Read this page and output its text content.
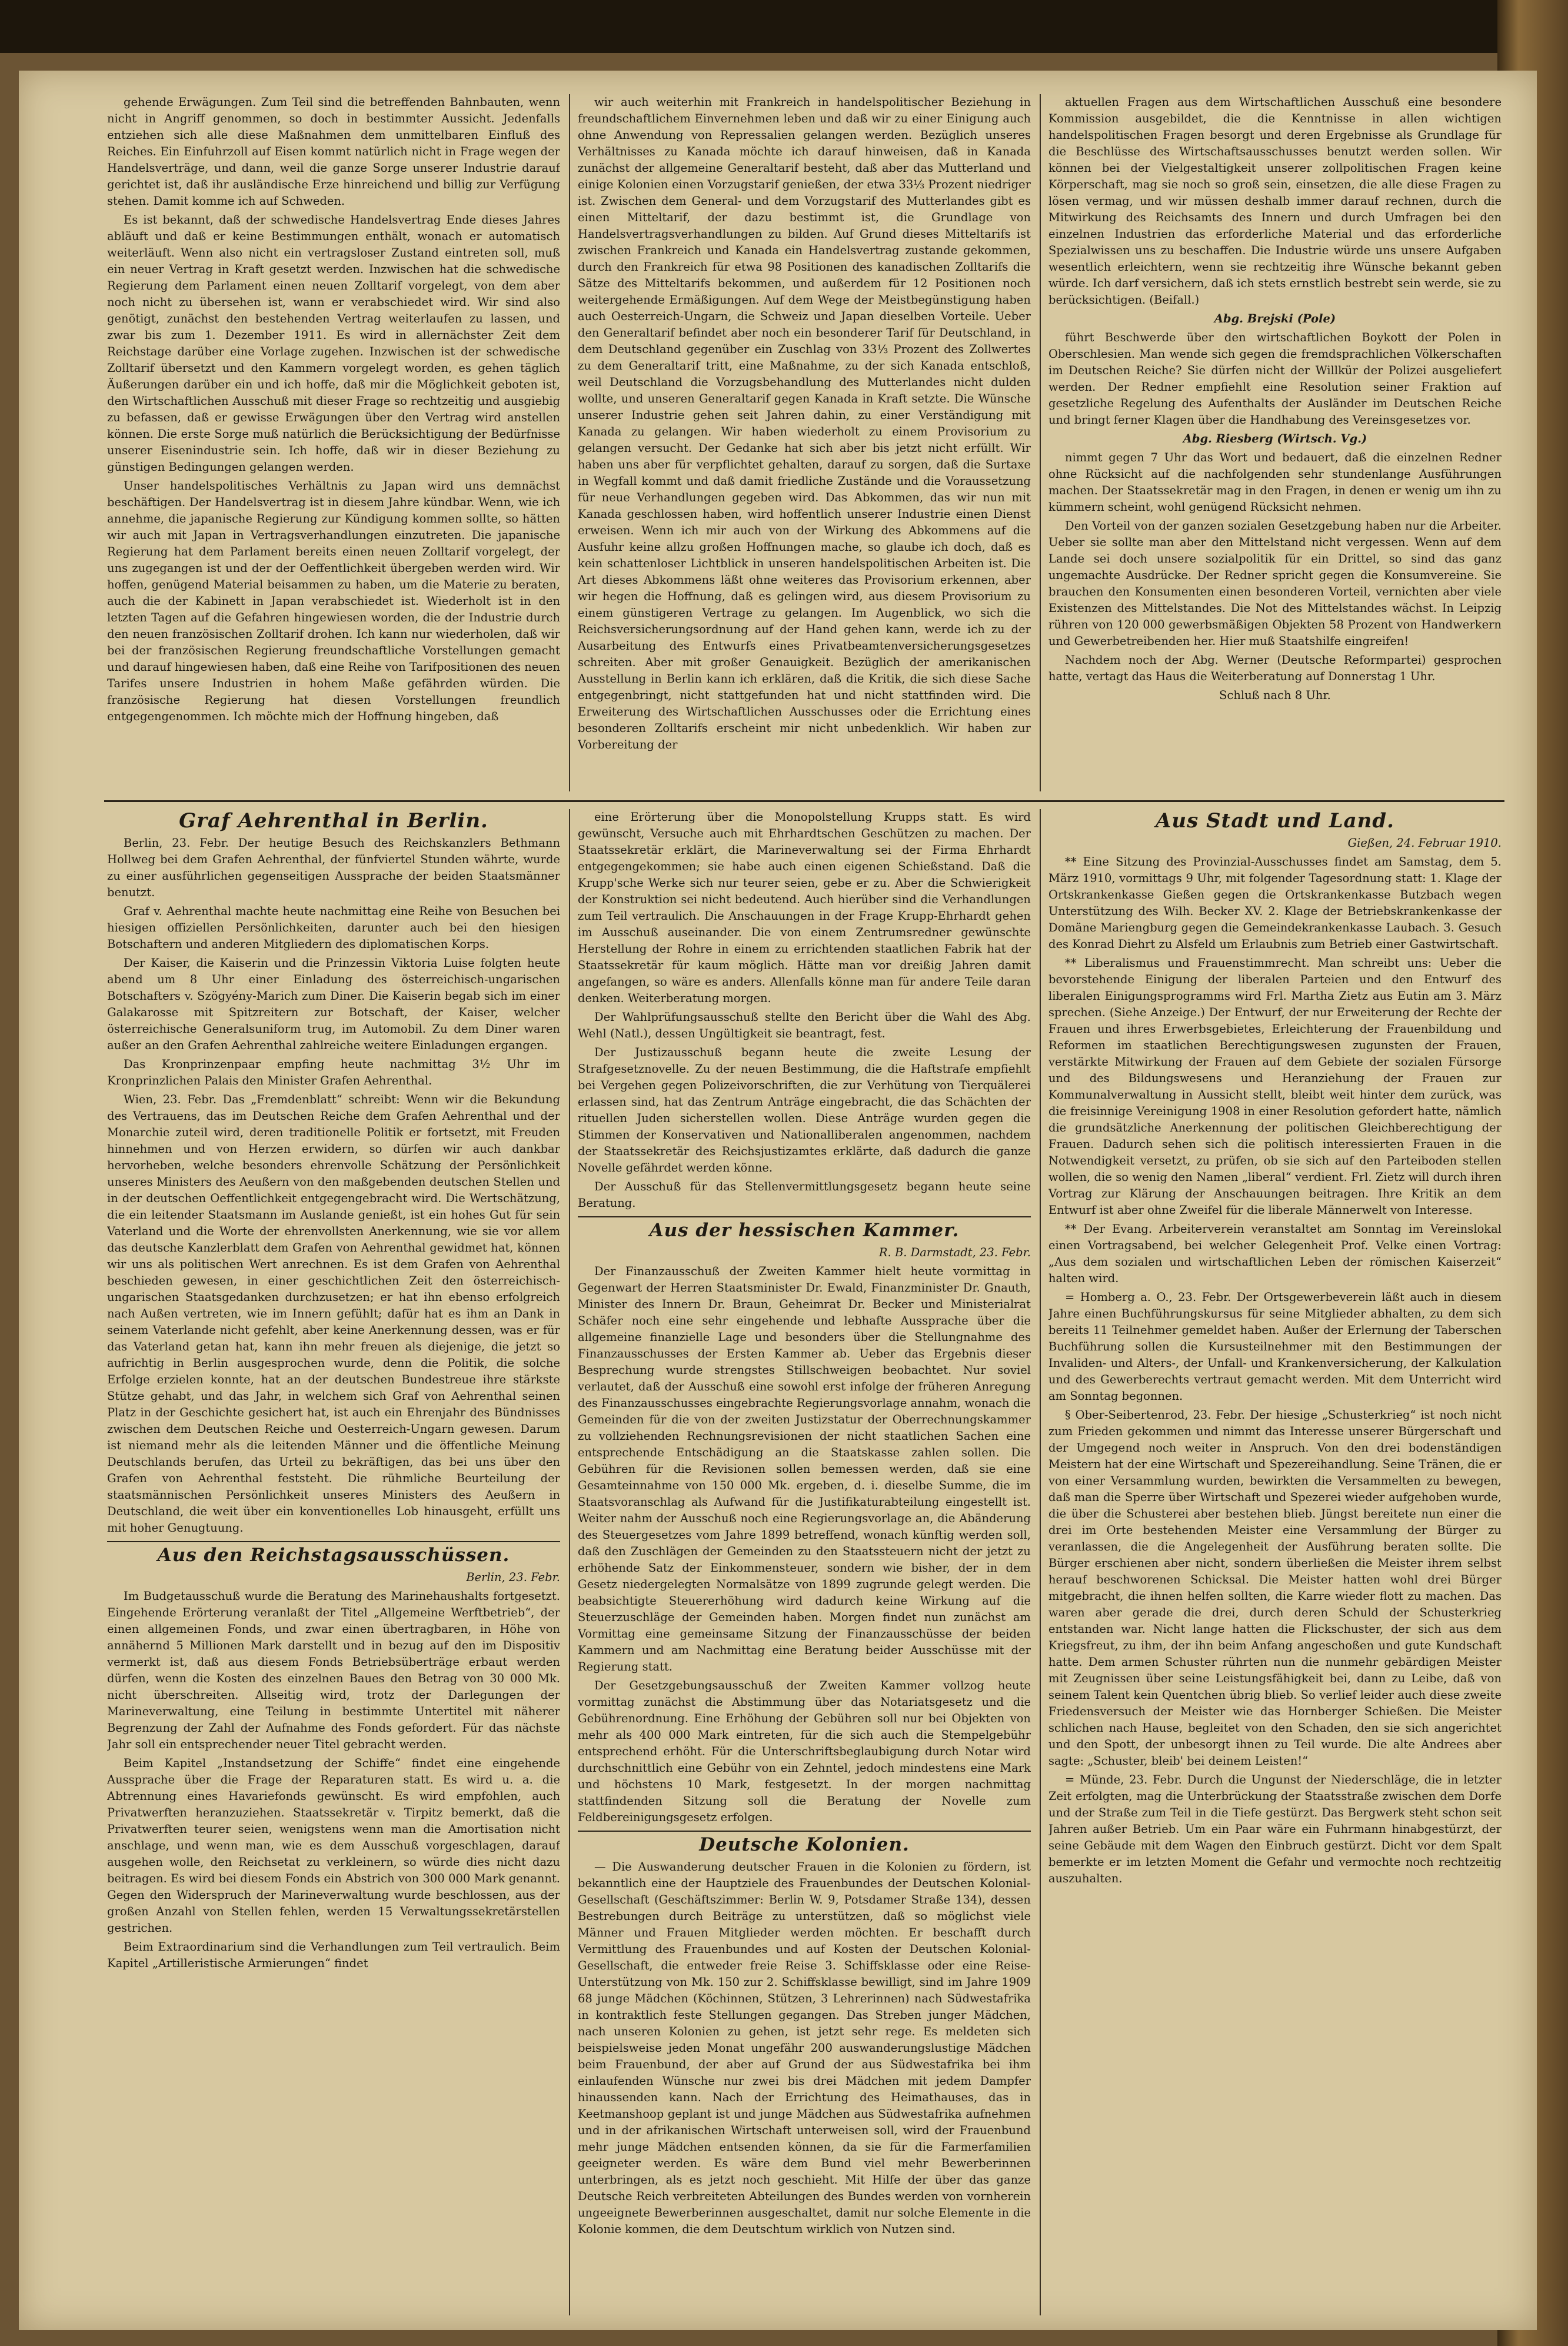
gehende Erwägungen. Zum Teil sind die betreffenden Bahnbauten, wenn nicht in Angriff genommen, so doch in bestimmter Aussicht. Jedenfalls entziehen sich alle diese Maßnahmen dem unmittelbaren Einfluß des Reiches. Ein Einfuhrzoll auf Eisen kommt natürlich nicht in Frage wegen der Handelsverträge, und dann, weil die ganze Sorge unserer Industrie darauf gerichtet ist, daß ihr ausländische Erze hinreichend und billig zur Verfügung stehen. Damit komme ich auf Schweden.

Es ist bekannt, daß der schwedische Handelsvertrag Ende dieses Jahres abläuft und daß er keine Bestimmungen enthält, wonach er automatisch weiterläuft. Wenn also nicht ein vertragsloser Zustand eintreten soll, muß ein neuer Vertrag in Kraft gesetzt werden. Inzwischen hat die schwedische Regierung dem Parlament einen neuen Zolltarif vorgelegt, von dem aber noch nicht zu übersehen ist, wann er verabschiedet wird. Wir sind also genötigt, zunächst den bestehenden Vertrag weiterlaufen zu lassen, und zwar bis zum 1. Dezember 1911. Es wird in allernächster Zeit dem Reichstage darüber eine Vorlage zugehen. Inzwischen ist der schwedische Zolltarif übersetzt und den Kammern vorgelegt worden, es gehen täglich Äußerungen darüber ein und ich hoffe, daß mir die Möglichkeit geboten ist, den Wirtschaftlichen Ausschuß mit dieser Frage so rechtzeitig und ausgiebig zu befassen, daß er gewisse Erwägungen über den Vertrag wird anstellen können. Die erste Sorge muß natürlich die Berücksichtigung der Bedürfnisse unserer Eisenindustrie sein. Ich hoffe, daß wir in dieser Beziehung zu günstigen Bedingungen gelangen werden.

Unser handelspolitisches Verhältnis zu Japan wird uns demnächst beschäftigen. Der Handelsvertrag ist in diesem Jahre kündbar. Wenn, wie ich annehme, die japanische Regierung zur Kündigung kommen sollte, so hätten wir auch mit Japan in Vertragsverhandlungen einzutreten. Die japanische Regierung hat dem Parlament bereits einen neuen Zolltarif vorgelegt, der uns zugegangen ist und der der Oeffentlichkeit übergeben werden wird. Wir hoffen, genügend Material beisammen zu haben, um die Materie zu beraten, auch die der Kabinett in Japan verabschiedet ist. Wiederholt ist in den letzten Tagen auf die Gefahren hingewiesen worden, die der Industrie durch den neuen französischen Zolltarif drohen. Ich kann nur wiederholen, daß wir bei der französischen Regierung freundschaftliche Vorstellungen gemacht und darauf hingewiesen haben, daß eine Reihe von Tarifpositionen des neuen Tarifes unsere Industrien in hohem Maße gefährden würden. Die französische Regierung hat diesen Vorstellungen freundlich entgegengenommen. Ich möchte mich der Hoffnung hingeben, daß

wir auch weiterhin mit Frankreich in handelspolitischer Beziehung in freundschaftlichem Einvernehmen leben und daß wir zu einer Einigung auch ohne Anwendung von Repressalien gelangen werden. Bezüglich unseres Verhältnisses zu Kanada möchte ich darauf hinweisen, daß in Kanada zunächst der allgemeine Generaltarif besteht, daß aber das Mutterland und einige Kolonien einen Vorzugstarif genießen, der etwa 33⅓ Prozent niedriger ist. Zwischen dem General- und dem Vorzugstarif des Mutterlandes gibt es einen Mitteltarif, der dazu bestimmt ist, die Grundlage von Handelsvertragsverhandlungen zu bilden. Auf Grund dieses Mitteltarifs ist zwischen Frankreich und Kanada ein Handelsvertrag zustande gekommen, durch den Frankreich für etwa 98 Positionen des kanadischen Zolltarifs die Sätze des Mitteltarifs bekommen, und außerdem für 12 Positionen noch weitergehende Ermäßigungen. Auf dem Wege der Meistbegünstigung haben auch Oesterreich-Ungarn, die Schweiz und Japan dieselben Vorteile. Ueber den Generaltarif befindet aber noch ein besonderer Tarif für Deutschland, in dem Deutschland gegenüber ein Zuschlag von 33⅓ Prozent des Zollwertes zu dem Generaltarif tritt, eine Maßnahme, zu der sich Kanada entschloß, weil Deutschland die Vorzugsbehandlung des Mutterlandes nicht dulden wollte, und unseren Generaltarif gegen Kanada in Kraft setzte. Die Wünsche unserer Industrie gehen seit Jahren dahin, zu einer Verständigung mit Kanada zu gelangen. Wir haben wiederholt zu einem Provisorium zu gelangen versucht. Der Gedanke hat sich aber bis jetzt nicht erfüllt. Wir haben uns aber für verpflichtet gehalten, darauf zu sorgen, daß die Surtaxe in Wegfall kommt und daß damit friedliche Zustände und die Voraussetzung für neue Verhandlungen gegeben wird. Das Abkommen, das wir nun mit Kanada geschlossen haben, wird hoffentlich unserer Industrie einen Dienst erweisen. Wenn ich mir auch von der Wirkung des Abkommens auf die Ausfuhr keine allzu großen Hoffnungen mache, so glaube ich doch, daß es kein schattenloser Lichtblick in unseren handelspolitischen Arbeiten ist. Die Art dieses Abkommens läßt ohne weiteres das Provisorium erkennen, aber wir hegen die Hoffnung, daß es gelingen wird, aus diesem Provisorium zu einem günstigeren Vertrage zu gelangen. Im Augenblick, wo sich die Reichsversicherungsordnung auf der Hand gehen kann, werde ich zu der Ausarbeitung des Entwurfs eines Privatbeamtenversicherungsgesetzes schreiten. Aber mit großer Genauigkeit. Bezüglich der amerikanischen Ausstellung in Berlin kann ich erklären, daß die Kritik, die sich diese Sache entgegenbringt, nicht stattgefunden hat und nicht stattfinden wird. Die Erweiterung des Wirtschaftlichen Ausschusses oder die Errichtung eines besonderen Zolltarifs erscheint mir nicht unbedenklich. Wir haben zur Vorbereitung der

aktuellen Fragen aus dem Wirtschaftlichen Ausschuß eine besondere Kommission ausgebildet, die die Kenntnisse in allen wichtigen handelspolitischen Fragen besorgt und deren Ergebnisse als Grundlage für die Beschlüsse des Wirtschaftsausschusses benutzt werden sollen. Wir können bei der Vielgestaltigkeit unserer zollpolitischen Fragen keine Körperschaft, mag sie noch so groß sein, einsetzen, die alle diese Fragen zu lösen vermag, und wir müssen deshalb immer darauf rechnen, durch die Mitwirkung des Reichsamts des Innern und durch Umfragen bei den einzelnen Industrien das erforderliche Material und das erforderliche Spezialwissen uns zu beschaffen. Die Industrie würde uns unsere Aufgaben wesentlich erleichtern, wenn sie rechtzeitig ihre Wünsche bekannt geben würde. Ich darf versichern, daß ich stets ernstlich bestrebt sein werde, sie zu berücksichtigen. (Beifall.)

Abg. Brejski (Pole)

führt Beschwerde über den wirtschaftlichen Boykott der Polen in Oberschlesien. Man wende sich gegen die fremdsprachlichen Völkerschaften im Deutschen Reiche? Sie dürfen nicht der Willkür der Polizei ausgeliefert werden. Der Redner empfiehlt eine Resolution seiner Fraktion auf gesetzliche Regelung des Aufenthalts der Ausländer im Deutschen Reiche und bringt ferner Klagen über die Handhabung des Vereinsgesetzes vor.

Abg. Riesberg (Wirtsch. Vg.)

nimmt gegen 7 Uhr das Wort und bedauert, daß die einzelnen Redner ohne Rücksicht auf die nachfolgenden sehr stundenlange Ausführungen machen. Der Staatssekretär mag in den Fragen, in denen er wenig um ihn zu kümmern scheint, wohl genügend Rücksicht nehmen.

Den Vorteil von der ganzen sozialen Gesetzgebung haben nur die Arbeiter. Ueber sie sollte man aber den Mittelstand nicht vergessen. Wenn auf dem Lande sei doch unsere sozialpolitik für ein Drittel, so sind das ganz ungemachte Ausdrücke. Der Redner spricht gegen die Konsumvereine. Sie brauchen den Konsumenten einen besonderen Vorteil, vernichten aber viele Existenzen des Mittelstandes. Die Not des Mittelstandes wächst. In Leipzig rühren von 120 000 gewerbsmäßigen Objekten 58 Prozent von Handwerkern und Gewerbetreibenden her. Hier muß Staatshilfe eingreifen!

Nachdem noch der Abg. Werner (Deutsche Reformpartei) gesprochen hatte, vertagt das Haus die Weiterberatung auf Donnerstag 1 Uhr.

Schluß nach 8 Uhr.

Graf Aehrenthal in Berlin.

Berlin, 23. Febr. Der heutige Besuch des Reichskanzlers Bethmann Hollweg bei dem Grafen Aehrenthal, der fünfviertel Stunden währte, wurde zu einer ausführlichen gegenseitigen Aussprache der beiden Staatsmänner benutzt.

Graf v. Aehrenthal machte heute nachmittag eine Reihe von Besuchen bei hiesigen offiziellen Persönlichkeiten, darunter auch bei den hiesigen Botschaftern und anderen Mitgliedern des diplomatischen Korps.

Der Kaiser, die Kaiserin und die Prinzessin Viktoria Luise folgten heute abend um 8 Uhr einer Einladung des österreichisch-ungarischen Botschafters v. Szögyény-Marich zum Diner. Die Kaiserin begab sich im einer Galakarosse mit Spitzreitern zur Botschaft, der Kaiser, welcher österreichische Generalsuniform trug, im Automobil. Zu dem Diner waren außer an den Grafen Aehrenthal zahlreiche weitere Einladungen ergangen.

Das Kronprinzenpaar empfing heute nachmittag 3½ Uhr im Kronprinzlichen Palais den Minister Grafen Aehrenthal.

Wien, 23. Febr. Das „Fremdenblatt“ schreibt: Wenn wir die Bekundung des Vertrauens, das im Deutschen Reiche dem Grafen Aehrenthal und der Monarchie zuteil wird, deren traditionelle Politik er fortsetzt, mit Freuden hinnehmen und von Herzen erwidern, so dürfen wir auch dankbar hervorheben, welche besonders ehrenvolle Schätzung der Persönlichkeit unseres Ministers des Aeußern von den maßgebenden deutschen Stellen und in der deutschen Oeffentlichkeit entgegengebracht wird. Die Wertschätzung, die ein leitender Staatsmann im Auslande genießt, ist ein hohes Gut für sein Vaterland und die Worte der ehrenvollsten Anerkennung, wie sie vor allem das deutsche Kanzlerblatt dem Grafen von Aehrenthal gewidmet hat, können wir uns als politischen Wert anrechnen. Es ist dem Grafen von Aehrenthal beschieden gewesen, in einer geschichtlichen Zeit den österreichisch-ungarischen Staatsgedanken durchzusetzen; er hat ihn ebenso erfolgreich nach Außen vertreten, wie im Innern gefühlt; dafür hat es ihm an Dank in seinem Vaterlande nicht gefehlt, aber keine Anerkennung dessen, was er für das Vaterland getan hat, kann ihn mehr freuen als diejenige, die jetzt so aufrichtig in Berlin ausgesprochen wurde, denn die Politik, die solche Erfolge erzielen konnte, hat an der deutschen Bundestreue ihre stärkste Stütze gehabt, und das Jahr, in welchem sich Graf von Aehrenthal seinen Platz in der Geschichte gesichert hat, ist auch ein Ehrenjahr des Bündnisses zwischen dem Deutschen Reiche und Oesterreich-Ungarn gewesen. Darum ist niemand mehr als die leitenden Männer und die öffentliche Meinung Deutschlands berufen, das Urteil zu bekräftigen, das bei uns über den Grafen von Aehrenthal feststeht. Die rühmliche Beurteilung der staatsmännischen Persönlichkeit unseres Ministers des Aeußern in Deutschland, die weit über ein konventionelles Lob hinausgeht, erfüllt uns mit hoher Genugtuung.

Aus den Reichstagsausschüssen.

Berlin, 23. Febr.

Im Budgetausschuß wurde die Beratung des Marinehaushalts fortgesetzt. Eingehende Erörterung veranlaßt der Titel „Allgemeine Werftbetrieb“, der einen allgemeinen Fonds, und zwar einen übertragbaren, in Höhe von annähernd 5 Millionen Mark darstellt und in bezug auf den im Dispositiv vermerkt ist, daß aus diesem Fonds Betriebsüberträge erbaut werden dürfen, wenn die Kosten des einzelnen Baues den Betrag von 30 000 Mk. nicht überschreiten. Allseitig wird, trotz der Darlegungen der Marineverwaltung, eine Teilung in bestimmte Untertitel mit näherer Begrenzung der Zahl der Aufnahme des Fonds gefordert. Für das nächste Jahr soll ein entsprechender neuer Titel gebracht werden.

Beim Kapitel „Instandsetzung der Schiffe“ findet eine eingehende Aussprache über die Frage der Reparaturen statt. Es wird u. a. die Abtrennung eines Havariefonds gewünscht. Es wird empfohlen, auch Privatwerften heranzuziehen. Staatssekretär v. Tirpitz bemerkt, daß die Privatwerften teurer seien, wenigstens wenn man die Amortisation nicht anschlage, und wenn man, wie es dem Ausschuß vorgeschlagen, darauf ausgehen wolle, den Reichsetat zu verkleinern, so würde dies nicht dazu beitragen. Es wird bei diesem Fonds ein Abstrich von 300 000 Mark genannt. Gegen den Widerspruch der Marineverwaltung wurde beschlossen, aus der großen Anzahl von Stellen fehlen, werden 15 Verwaltungssekretärstellen gestrichen.

Beim Extraordinarium sind die Verhandlungen zum Teil vertraulich. Beim Kapitel „Artilleristische Armierungen“ findet

eine Erörterung über die Monopolstellung Krupps statt. Es wird gewünscht, Versuche auch mit Ehrhardtschen Geschützen zu machen. Der Staatssekretär erklärt, die Marineverwaltung sei der Firma Ehrhardt entgegengekommen; sie habe auch einen eigenen Schießstand. Daß die Krupp'sche Werke sich nur teurer seien, gebe er zu. Aber die Schwierigkeit der Konstruktion sei nicht bedeutend. Auch hierüber sind die Verhandlungen zum Teil vertraulich. Die Anschauungen in der Frage Krupp-Ehrhardt gehen im Ausschuß auseinander. Die von einem Zentrumsredner gewünschte Herstellung der Rohre in einem zu errichtenden staatlichen Fabrik hat der Staatssekretär für kaum möglich. Hätte man vor dreißig Jahren damit angefangen, so wäre es anders. Allenfalls könne man für andere Teile daran denken. Weiterberatung morgen.

Der Wahlprüfungsausschuß stellte den Bericht über die Wahl des Abg. Wehl (Natl.), dessen Ungültigkeit sie beantragt, fest.

Der Justizausschuß begann heute die zweite Lesung der Strafgesetznovelle. Zu der neuen Bestimmung, die die Haftstrafe empfiehlt bei Vergehen gegen Polizeivorschriften, die zur Verhütung von Tierquälerei erlassen sind, hat das Zentrum Anträge eingebracht, die das Schächten der rituellen Juden sicherstellen wollen. Diese Anträge wurden gegen die Stimmen der Konservativen und Nationalliberalen angenommen, nachdem der Staatssekretär des Reichsjustizamtes erklärte, daß dadurch die ganze Novelle gefährdet werden könne.

Der Ausschuß für das Stellenvermittlungsgesetz begann heute seine Beratung.

Aus der hessischen Kammer.

R. B. Darmstadt, 23. Febr.

Der Finanzausschuß der Zweiten Kammer hielt heute vormittag in Gegenwart der Herren Staatsminister Dr. Ewald, Finanzminister Dr. Gnauth, Minister des Innern Dr. Braun, Geheimrat Dr. Becker und Ministerialrat Schäfer noch eine sehr eingehende und lebhafte Aussprache über die allgemeine finanzielle Lage und besonders über die Stellungnahme des Finanzausschusses der Ersten Kammer ab. Ueber das Ergebnis dieser Besprechung wurde strengstes Stillschweigen beobachtet. Nur soviel verlautet, daß der Ausschuß eine sowohl erst infolge der früheren Anregung des Finanzausschusses eingebrachte Regierungsvorlage annahm, wonach die Gemeinden für die von der zweiten Justizstatur der Oberrechnungskammer zu vollziehenden Rechnungsrevisionen der nicht staatlichen Sachen eine entsprechende Entschädigung an die Staatskasse zahlen sollen. Die Gebühren für die Revisionen sollen bemessen werden, daß sie eine Gesamteinnahme von 150 000 Mk. ergeben, d. i. dieselbe Summe, die im Staatsvoranschlag als Aufwand für die Justifikaturabteilung eingestellt ist. Weiter nahm der Ausschuß noch eine Regierungsvorlage an, die Abänderung des Steuergesetzes vom Jahre 1899 betreffend, wonach künftig werden soll, daß den Zuschlägen der Gemeinden zu den Staatssteuern nicht der jetzt zu erhöhende Satz der Einkommensteuer, sondern wie bisher, der in dem Gesetz niedergelegten Normalsätze von 1899 zugrunde gelegt werden. Die beabsichtigte Steuererhöhung wird dadurch keine Wirkung auf die Steuerzuschläge der Gemeinden haben. Morgen findet nun zunächst am Vormittag eine gemeinsame Sitzung der Finanzausschüsse der beiden Kammern und am Nachmittag eine Beratung beider Ausschüsse mit der Regierung statt.

Der Gesetzgebungsausschuß der Zweiten Kammer vollzog heute vormittag zunächst die Abstimmung über das Notariatsgesetz und die Gebührenordnung. Eine Erhöhung der Gebühren soll nur bei Objekten von mehr als 400 000 Mark eintreten, für die sich auch die Stempelgebühr entsprechend erhöht. Für die Unterschriftsbeglaubigung durch Notar wird durchschnittlich eine Gebühr von ein Zehntel, jedoch mindestens eine Mark und höchstens 10 Mark, festgesetzt. In der morgen nachmittag stattfindenden Sitzung soll die Beratung der Novelle zum Feldbereinigungsgesetz erfolgen.

Deutsche Kolonien.

— Die Auswanderung deutscher Frauen in die Kolonien zu fördern, ist bekanntlich eine der Hauptziele des Frauenbundes der Deutschen Kolonial-Gesellschaft (Geschäftszimmer: Berlin W. 9, Potsdamer Straße 134), dessen Bestrebungen durch Beiträge zu unterstützen, daß so möglichst viele Männer und Frauen Mitglieder werden möchten. Er beschafft durch Vermittlung des Frauenbundes und auf Kosten der Deutschen Kolonial-Gesellschaft, die entweder freie Reise 3. Schiffsklasse oder eine Reise-Unterstützung von Mk. 150 zur 2. Schiffsklasse bewilligt, sind im Jahre 1909 68 junge Mädchen (Köchinnen, Stützen, 3 Lehrerinnen) nach Südwestafrika in kontraktlich feste Stellungen gegangen. Das Streben junger Mädchen, nach unseren Kolonien zu gehen, ist jetzt sehr rege. Es meldeten sich beispielsweise jeden Monat ungefähr 200 auswanderungslustige Mädchen beim Frauenbund, der aber auf Grund der aus Südwestafrika bei ihm einlaufenden Wünsche nur zwei bis drei Mädchen mit jedem Dampfer hinaussenden kann. Nach der Errichtung des Heimathauses, das in Keetmanshoop geplant ist und junge Mädchen aus Südwestafrika aufnehmen und in der afrikanischen Wirtschaft unterweisen soll, wird der Frauenbund mehr junge Mädchen entsenden können, da sie für die Farmerfamilien geeigneter werden. Es wäre dem Bund viel mehr Bewerberinnen unterbringen, als es jetzt noch geschieht. Mit Hilfe der über das ganze Deutsche Reich verbreiteten Abteilungen des Bundes werden von vornherein ungeeignete Bewerberinnen ausgeschaltet, damit nur solche Elemente in die Kolonie kommen, die dem Deutschtum wirklich von Nutzen sind.

Aus Stadt und Land.

Gießen, 24. Februar 1910.

** Eine Sitzung des Provinzial-Ausschusses findet am Samstag, dem 5. März 1910, vormittags 9 Uhr, mit folgender Tagesordnung statt: 1. Klage der Ortskrankenkasse Gießen gegen die Ortskrankenkasse Butzbach wegen Unterstützung des Wilh. Becker XV. 2. Klage der Betriebskrankenkasse der Domäne Mariengburg gegen die Gemeindekrankenkasse Laubach. 3. Gesuch des Konrad Diehrt zu Alsfeld um Erlaubnis zum Betrieb einer Gastwirtschaft.

** Liberalismus und Frauenstimmrecht. Man schreibt uns: Ueber die bevorstehende Einigung der liberalen Parteien und den Entwurf des liberalen Einigungsprogramms wird Frl. Martha Zietz aus Eutin am 3. März sprechen. (Siehe Anzeige.) Der Entwurf, der nur Erweiterung der Rechte der Frauen und ihres Erwerbsgebietes, Erleichterung der Frauenbildung und Reformen im staatlichen Berechtigungswesen zugunsten der Frauen, verstärkte Mitwirkung der Frauen auf dem Gebiete der sozialen Fürsorge und des Bildungswesens und Heranziehung der Frauen zur Kommunalverwaltung in Aussicht stellt, bleibt weit hinter dem zurück, was die freisinnige Vereinigung 1908 in einer Resolution gefordert hatte, nämlich die grundsätzliche Anerkennung der politischen Gleichberechtigung der Frauen. Dadurch sehen sich die politisch interessierten Frauen in die Notwendigkeit versetzt, zu prüfen, ob sie sich auf den Parteiboden stellen wollen, die so wenig den Namen „liberal“ verdient. Frl. Zietz will durch ihren Vortrag zur Klärung der Anschauungen beitragen. Ihre Kritik an dem Entwurf ist aber ohne Zweifel für die liberale Männerwelt von Interesse.

** Der Evang. Arbeiterverein veranstaltet am Sonntag im Vereinslokal einen Vortragsabend, bei welcher Gelegenheit Prof. Velke einen Vortrag: „Aus dem sozialen und wirtschaftlichen Leben der römischen Kaiserzeit“ halten wird.

= Homberg a. O., 23. Febr. Der Ortsgewerbeverein läßt auch in diesem Jahre einen Buchführungskursus für seine Mitglieder abhalten, zu dem sich bereits 11 Teilnehmer gemeldet haben. Außer der Erlernung der Taberschen Buchführung sollen die Kursusteilnehmer mit den Bestimmungen der Invaliden- und Alters-, der Unfall- und Krankenversicherung, der Kalkulation und des Gewerberechts vertraut gemacht werden. Mit dem Unterricht wird am Sonntag begonnen.

§ Ober-Seibertenrod, 23. Febr. Der hiesige „Schusterkrieg“ ist noch nicht zum Frieden gekommen und nimmt das Interesse unserer Bürgerschaft und der Umgegend noch weiter in Anspruch. Von den drei bodenständigen Meistern hat der eine Wirtschaft und Spezereihandlung. Seine Tränen, die er von einer Versammlung wurden, bewirkten die Versammelten zu bewegen, daß man die Sperre über Wirtschaft und Spezerei wieder aufgehoben wurde, die über die Schusterei aber bestehen blieb. Jüngst bereitete nun einer die drei im Orte bestehenden Meister eine Versammlung der Bürger zu veranlassen, die die Angelegenheit der Ausführung beraten sollte. Die Bürger erschienen aber nicht, sondern überließen die Meister ihrem selbst herauf beschworenen Schicksal. Die Meister hatten wohl drei Bürger mitgebracht, die ihnen helfen sollten, die Karre wieder flott zu machen. Das waren aber gerade die drei, durch deren Schuld der Schusterkrieg entstanden war. Nicht lange hatten die Flickschuster, der sich aus dem Kriegsfreut, zu ihm, der ihn beim Anfang angeschoßen und gute Kundschaft hatte. Dem armen Schuster rührten nun die nunmehr gebärdigen Meister mit Zeugnissen über seine Leistungsfähigkeit bei, dann zu Leibe, daß von seinem Talent kein Quentchen übrig blieb. So verlief leider auch diese zweite Friedensversuch der Meister wie das Hornberger Schießen. Die Meister schlichen nach Hause, begleitet von den Schaden, den sie sich angerichtet und den Spott, der unbesorgt ihnen zu Teil wurde. Die alte Andrees aber sagte: „Schuster, bleib' bei deinem Leisten!“

= Münde, 23. Febr. Durch die Ungunst der Niederschläge, die in letzter Zeit erfolgten, mag die Unterbrückung der Staatsstraße zwischen dem Dorfe und der Straße zum Teil in die Tiefe gestürzt. Das Bergwerk steht schon seit Jahren außer Betrieb. Um ein Paar wäre ein Fuhrmann hinabgestürzt, der seine Gebäude mit dem Wagen den Einbruch gestürzt. Dicht vor dem Spalt bemerkte er im letzten Moment die Gefahr und vermochte noch rechtzeitig auszuhalten.
